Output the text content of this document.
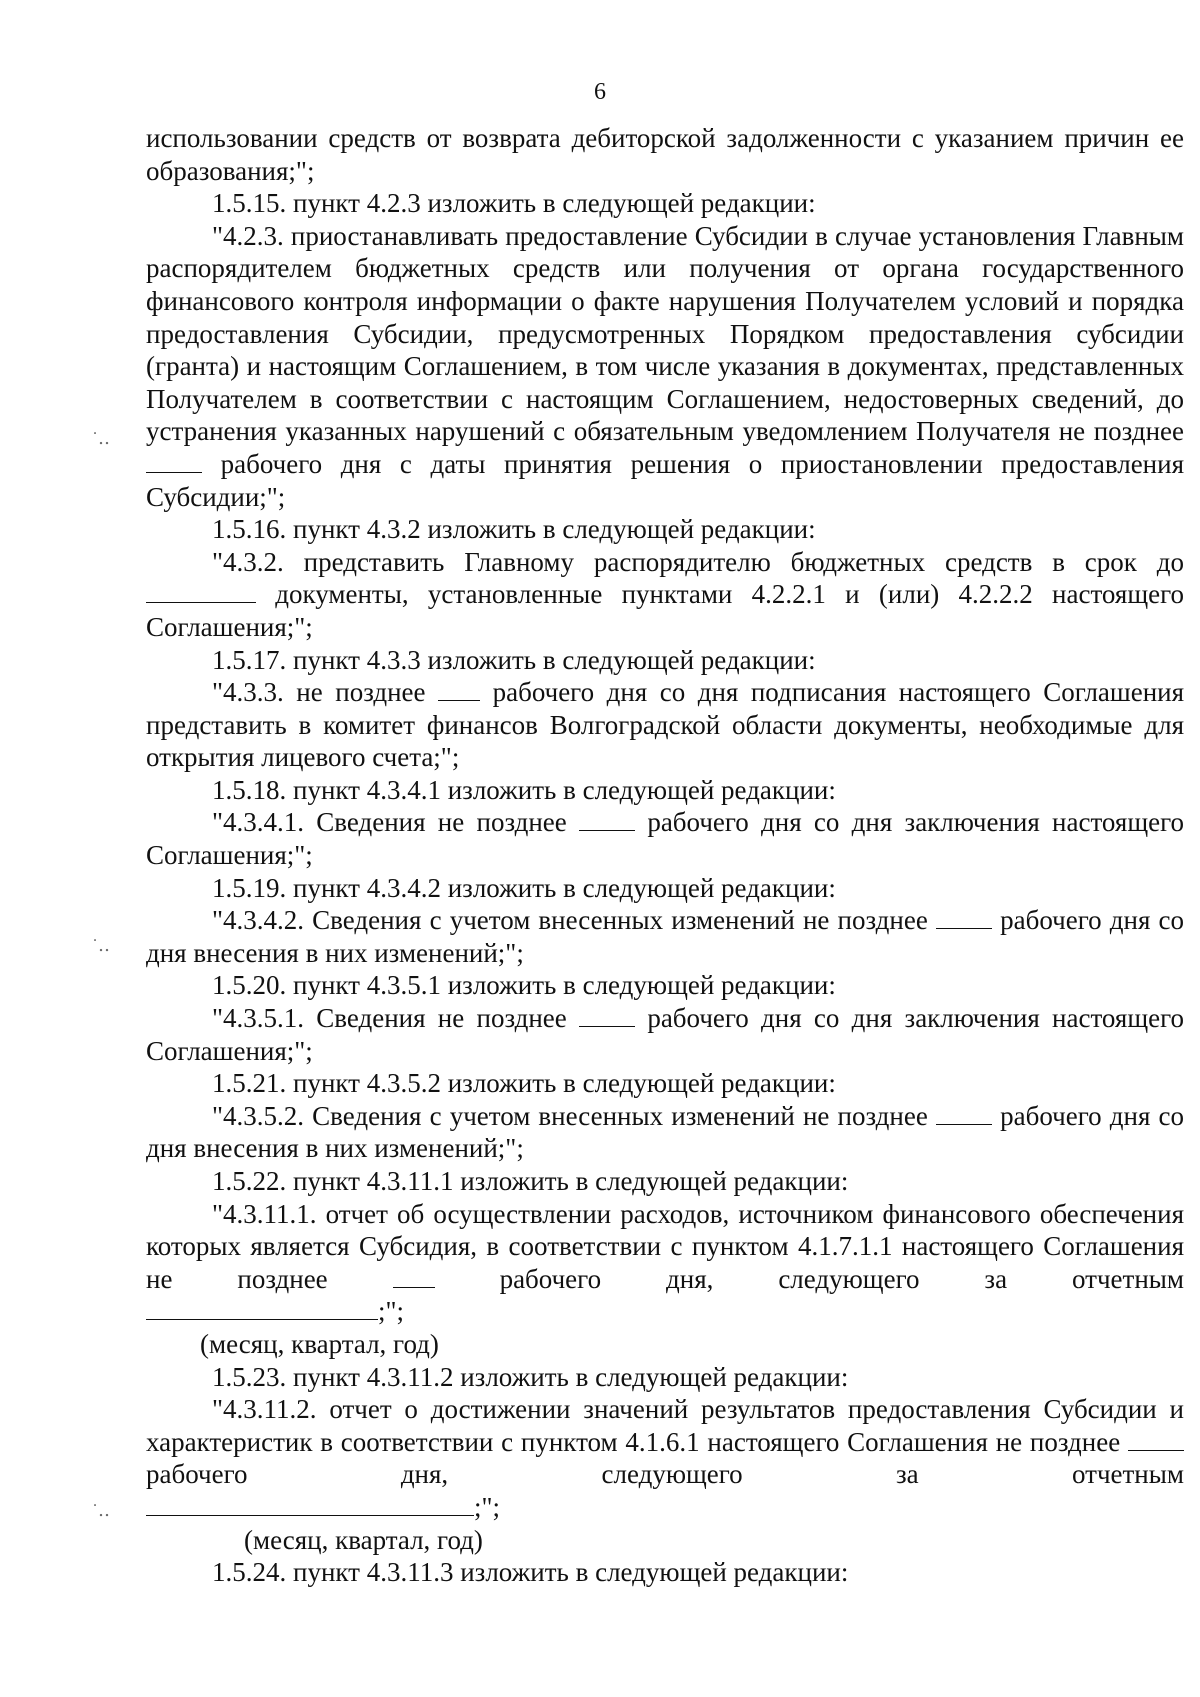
6
˙‥
˙‥
˙‥

использовании средств от возврата дебиторской задолженности с указанием причин ее образования;";

1.5.15. пункт 4.2.3 изложить в следующей редакции:

"4.2.3. приостанавливать предоставление Субсидии в случае установления Главным распорядителем бюджетных средств или получения от органа государственного финансового контроля информации о факте нарушения Получателем условий и порядка предоставления Субсидии, предусмотренных Порядком предоставления субсидии (гранта) и настоящим Соглашением, в том числе указания в документах, представленных Получателем в соответствии с настоящим Соглашением, недостоверных сведений, до устранения указанных нарушений с обязательным уведомлением Получателя не позднее  рабочего дня с даты принятия решения о приостановлении предоставления Субсидии;";

1.5.16. пункт 4.3.2 изложить в следующей редакции:

"4.3.2. представить Главному распорядителю бюджетных средств в срок до  документы, установленные пунктами 4.2.2.1 и (или) 4.2.2.2 настоящего Соглашения;";

1.5.17. пункт 4.3.3 изложить в следующей редакции:

"4.3.3. не позднее рабочего дня со дня подписания настоящего Соглашения представить в комитет финансов Волгоградской области документы, необходимые для открытия лицевого счета;";

1.5.18. пункт 4.3.4.1 изложить в следующей редакции:

"4.3.4.1. Сведения не позднее	рабочего дня со дня заключения настоящего Соглашения;";

1.5.19. пункт 4.3.4.2 изложить в следующей редакции:

"4.3.4.2. Сведения с учетом внесенных изменений не позднее	рабочего дня со дня внесения в них изменений;";

1.5.20. пункт 4.3.5.1 изложить в следующей редакции:

"4.3.5.1. Сведения не позднее	рабочего дня со дня заключения настоящего Соглашения;";

1.5.21. пункт 4.3.5.2 изложить в следующей редакции:

"4.3.5.2. Сведения с учетом внесенных изменений не позднее	рабочего дня со дня внесения в них изменений;";

1.5.22. пункт 4.3.11.1 изложить в следующей редакции:

"4.3.11.1. отчет об осуществлении расходов, источником финансового обеспечения которых является Субсидия, в соответствии с пунктом 4.1.7.1.1 настоящего Соглашения не позднее	рабочего дня, следующего за отчетным

;";

(месяц, квартал, год)

1.5.23. пункт 4.3.11.2 изложить в следующей редакции:

"4.3.11.2. отчет о достижении значений результатов предоставления Субсидии и характеристик в соответствии с пунктом 4.1.6.1 настоящего Соглашения не позднее  рабочего дня, следующего за отчетным

;";

(месяц, квартал, год)

1.5.24. пункт 4.3.11.3 изложить в следующей редакции:
